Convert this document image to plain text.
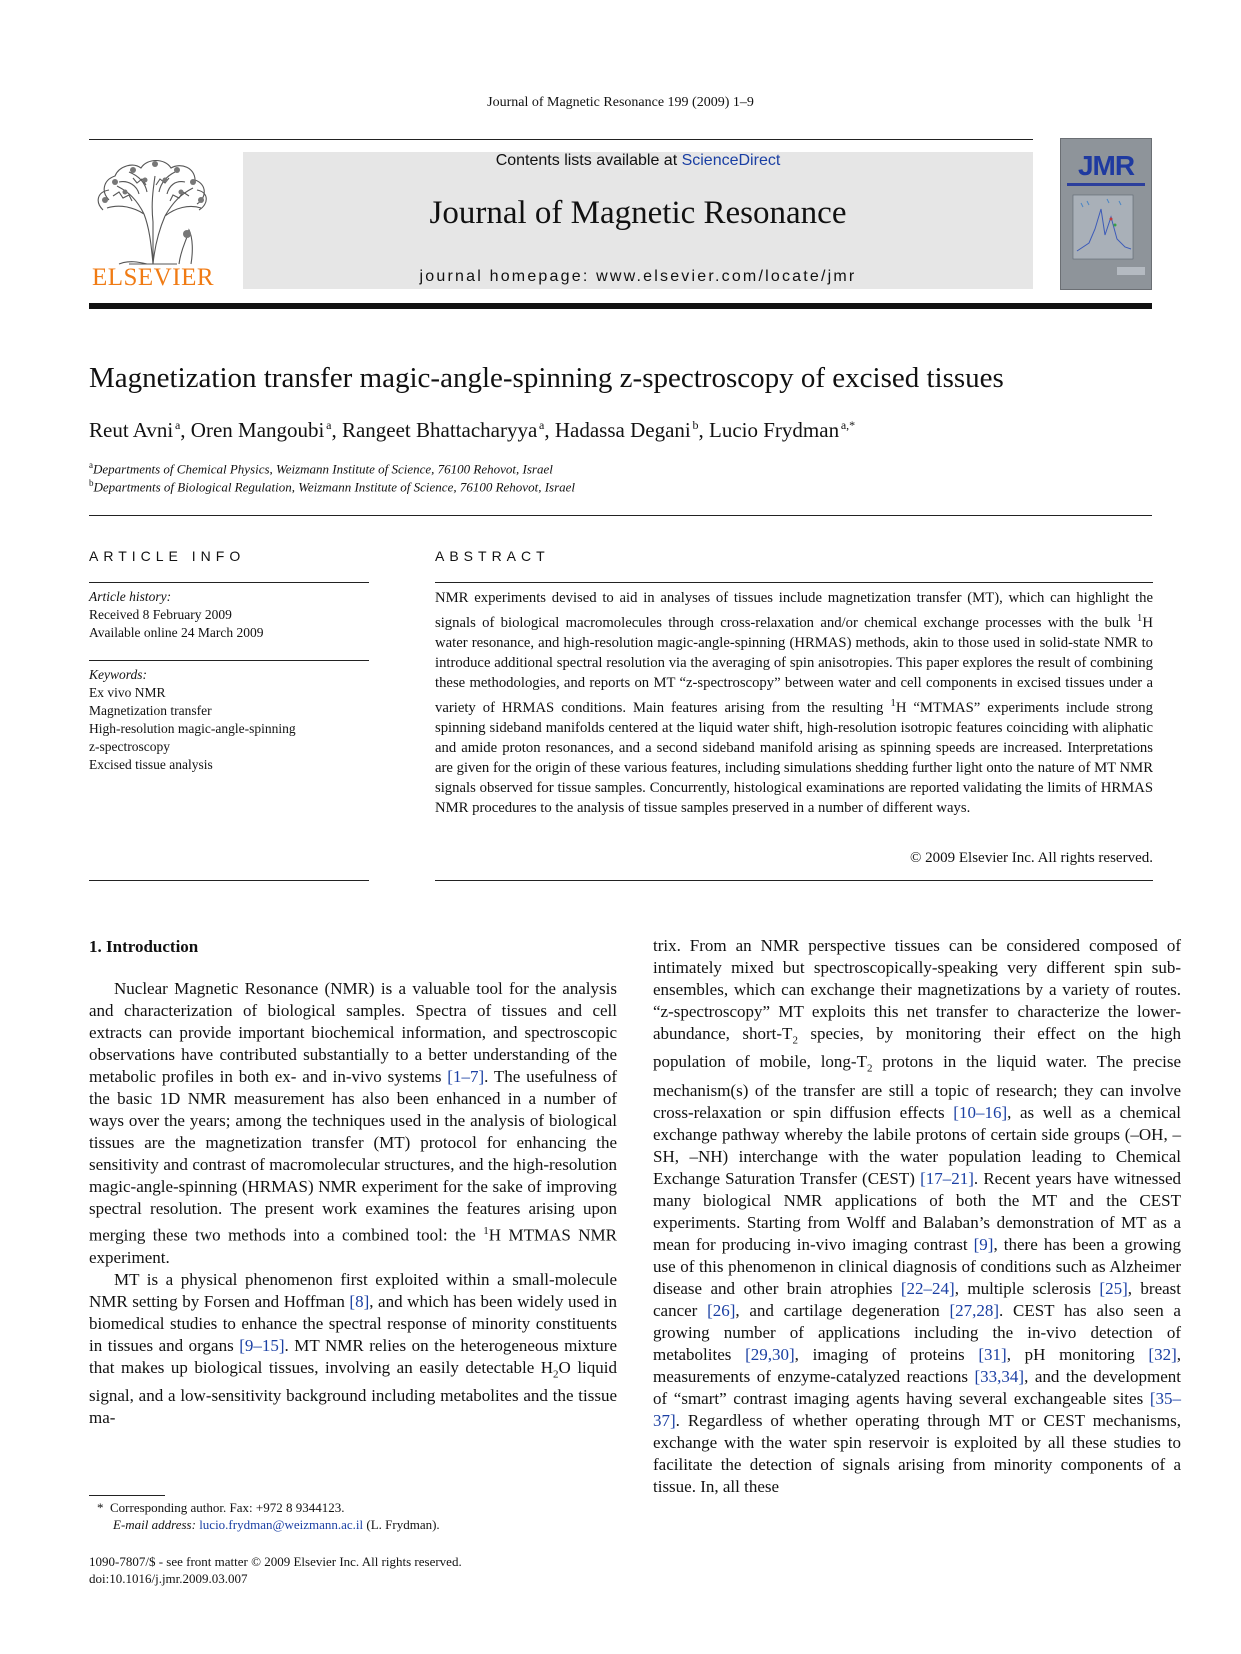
Journal of Magnetic Resonance 199 (2009) 1–9
ELSEVIER
Contents lists available at ScienceDirect
Journal of Magnetic Resonance
journal homepage: www.elsevier.com/locate/jmr
JMR
Magnetization transfer magic-angle-spinning z-spectroscopy of excised tissues
Reut Avni  $^a$, Oren Mangoubi  $^a$, Rangeet Bhattacharyya  $^a$, Hadassa Degani  $^b$, Lucio Frydman  $^{a,*}$
$^a$Departments of Chemical Physics, Weizmann Institute of Science, 76100 Rehovot, Israel
$^b$Departments of Biological Regulation, Weizmann Institute of Science, 76100 Rehovot, Israel
ARTICLE INFO
Article history:
Received 8 February 2009
Available online 24 March 2009
Keywords:
Ex vivo NMR
Magnetization transfer
High-resolution magic-angle-spinning
z-spectroscopy
Excised tissue analysis
ABSTRACT
NMR experiments devised to aid in analyses of tissues include magnetization transfer (MT), which can highlight the signals of biological macromolecules through cross-relaxation and/or chemical exchange processes with the bulk $^1$H water resonance, and high-resolution magic-angle-spinning (HRMAS) methods, akin to those used in solid-state NMR to introduce additional spectral resolution via the averaging of spin anisotropies. This paper explores the result of combining these methodologies, and reports on MT “z-spectroscopy” between water and cell components in excised tissues under a variety of HRMAS conditions. Main features arising from the resulting $^1$H “MTMAS” experiments include strong spinning sideband manifolds centered at the liquid water shift, high-resolution isotropic features coinciding with aliphatic and amide proton resonances, and a second sideband manifold arising as spinning speeds are increased. Interpretations are given for the origin of these various features, including simulations shedding further light onto the nature of MT NMR signals observed for tissue samples. Concurrently, histological examinations are reported validating the limits of HRMAS NMR procedures to the analysis of tissue samples preserved in a number of different ways.
© 2009 Elsevier Inc. All rights reserved.
1. Introduction

Nuclear Magnetic Resonance (NMR) is a valuable tool for the analysis and characterization of biological samples. Spectra of tissues and cell extracts can provide important biochemical information, and spectroscopic observations have contributed substantially to a better understanding of the metabolic profiles in both ex- and in-vivo systems [1–7]. The usefulness of the basic 1D NMR measurement has also been enhanced in a number of ways over the years; among the techniques used in the analysis of biological tissues are the magnetization transfer (MT) protocol for enhancing the sensitivity and contrast of macromolecular structures, and the high-resolution magic-angle-spinning (HRMAS) NMR experiment for the sake of improving spectral resolution. The present work examines the features arising upon merging these two methods into a combined tool: the $^1$H MTMAS NMR experiment.

MT is a physical phenomenon first exploited within a small-molecule NMR setting by Forsen and Hoffman [8], and which has been widely used in biomedical studies to enhance the spectral response of minority constituents in tissues and organs [9–15]. MT NMR relies on the heterogeneous mixture that makes up biological tissues, involving an easily detectable $H_2O$ liquid signal, and a low-sensitivity background including metabolites and the tissue ma-

trix. From an NMR perspective tissues can be considered composed of intimately mixed but spectroscopically-speaking very different spin sub-ensembles, which can exchange their magnetizations by a variety of routes. “z-spectroscopy” MT exploits this net transfer to characterize the lower-abundance, short-$T_2$ species, by monitoring their effect on the high population of mobile, long-$T_2$ protons in the liquid water. The precise mechanism(s) of the transfer are still a topic of research; they can involve cross-relaxation or spin diffusion effects [10–16], as well as a chemical exchange pathway whereby the labile protons of certain side groups (–OH, –SH, –NH) interchange with the water population leading to Chemical Exchange Saturation Transfer (CEST) [17–21]. Recent years have witnessed many biological NMR applications of both the MT and the CEST experiments. Starting from Wolff and Balaban’s demonstration of MT as a mean for producing in-vivo imaging contrast [9], there has been a growing use of this phenomenon in clinical diagnosis of conditions such as Alzheimer disease and other brain atrophies [22–24], multiple sclerosis [25], breast cancer [26], and cartilage degeneration [27,28]. CEST has also seen a growing number of applications including the in-vivo detection of metabolites [29,30], imaging of proteins [31], pH monitoring [32], measurements of enzyme-catalyzed reactions [33,34], and the development of “smart” contrast imaging agents having several exchangeable sites [35–37]. Regardless of whether operating through MT or CEST mechanisms, exchange with the water spin reservoir is exploited by all these studies to facilitate the detection of signals arising from minority components of a tissue. In, all these

* Corresponding author. Fax: +972 8 9344123.
E-mail address: lucio.frydman@weizmann.ac.il (L. Frydman).
1090-7807/$ - see front matter © 2009 Elsevier Inc. All rights reserved.
doi:10.1016/j.jmr.2009.03.007
